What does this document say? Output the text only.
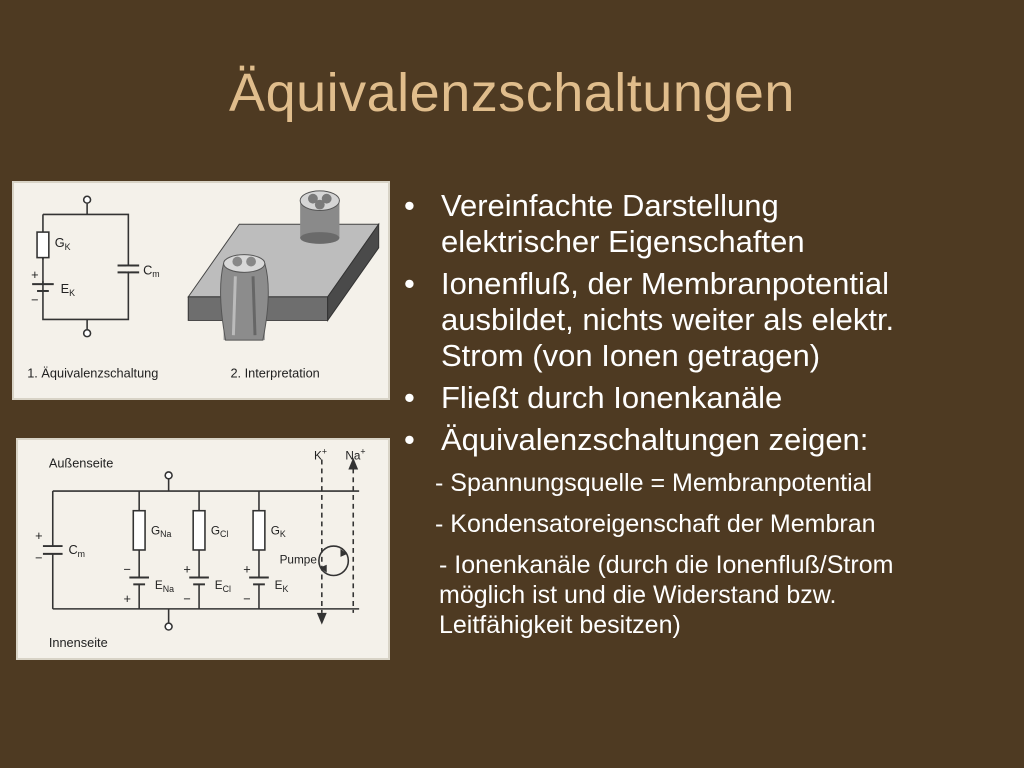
Äquivalenzschaltungen
$G_K$
$C_m$
$E_K$
+
−
1. Äquivalenzschaltung	2. Interpretation
Außenseite
Innenseite
K+ Na+
$C_m$
+
−
$G_{Na}$	$G_{Cl}$	$G_K$
$E_{Na}$	$E_{Cl}$	$E_K$
−
+
+
−
+
−
Pumpe
• Vereinfachte Darstellung
elektrischer Eigenschaften
• Ionenfluß, der Membranpotential
ausbildet, nichts weiter als elektr.
Strom (von Ionen getragen)
• Fließt durch Ionenkanäle
• Äquivalenzschaltungen zeigen:
- Spannungsquelle = Membranpotential
- Kondensatoreigenschaft der Membran
- Ionenkanäle (durch die Ionenfluß/Strom
möglich ist und die Widerstand bzw.
Leitfähigkeit besitzen)
